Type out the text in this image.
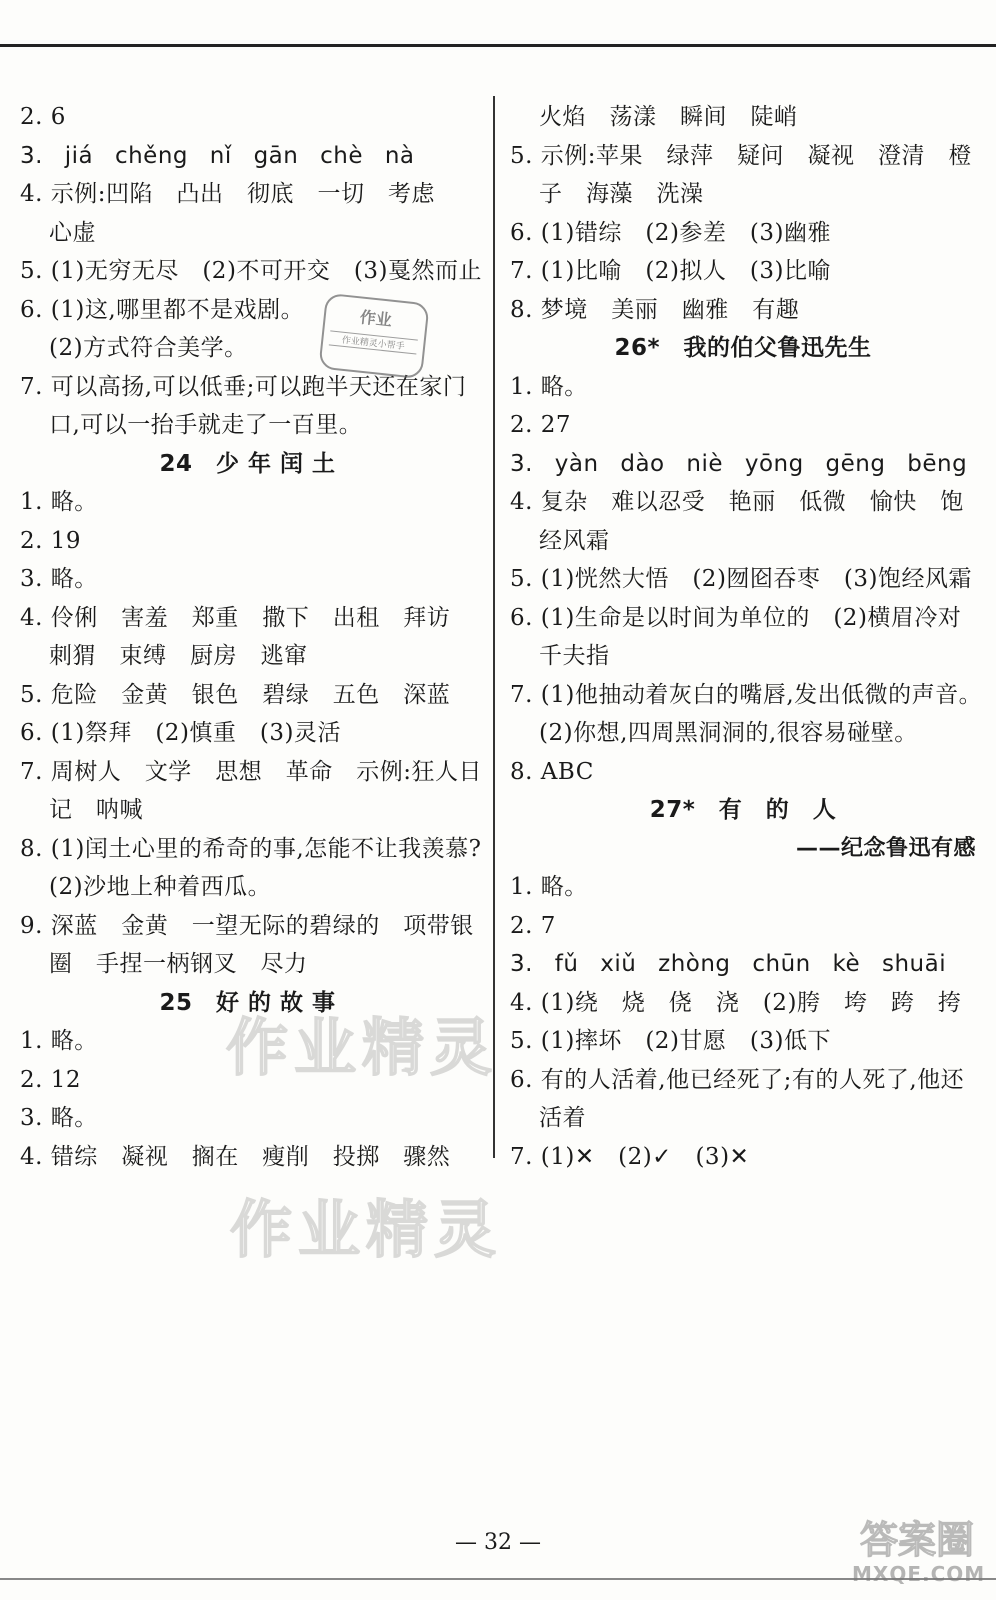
2. 6
3. jiá chěng nǐ gān chè nà
4. 示例:凹陷　凸出　彻底　一切　考虑
心虚
5. (1)无穷无尽　(2)不可开交　(3)戛然而止
6. (1)这,哪里都不是戏剧。
(2)方式符合美学。
7. 可以高扬,可以低垂;可以跑半天还在家门
口,可以一抬手就走了一百里。
24　少 年 闰 土
1. 略。
2. 19
3. 略。
4. 伶俐　害羞　郑重　撒下　出租　拜访
刺猬　束缚　厨房　逃窜
5. 危险　金黄　银色　碧绿　五色　深蓝
6. (1)祭拜　(2)慎重　(3)灵活
7. 周树人　文学　思想　革命　示例:狂人日
记　呐喊
8. (1)闰土心里的希奇的事,怎能不让我羡慕?
(2)沙地上种着西瓜。
9. 深蓝　金黄　一望无际的碧绿的　项带银
圈　手捏一柄钢叉　尽力
25　好 的 故 事
1. 略。
2. 12
3. 略。
4. 错综　凝视　搁在　瘦削　投掷　骤然
火焰　荡漾　瞬间　陡峭
5. 示例:苹果　绿萍　疑问　凝视　澄清　橙
子　海藻　洗澡
6. (1)错综　(2)参差　(3)幽雅
7. (1)比喻　(2)拟人　(3)比喻
8. 梦境　美丽　幽雅　有趣
26*　我的伯父鲁迅先生
1. 略。
2. 27
3. yàn dào niè yōng gēng bēng
4. 复杂　难以忍受　艳丽　低微　愉快　饱
经风霜
5. (1)恍然大悟　(2)囫囵吞枣　(3)饱经风霜
6. (1)生命是以时间为单位的　(2)横眉冷对
千夫指
7. (1)他抽动着灰白的嘴唇,发出低微的声音。
(2)你想,四周黑洞洞的,很容易碰壁。
8. ABC
27*　有　的　人
——纪念鲁迅有感
1. 略。
2. 7
3. fǔ xiǔ zhòng chūn kè shuāi
4. (1)绕　烧　侥　浇　(2)胯　垮　跨　挎
5. (1)摔坏　(2)甘愿　(3)低下
6. 有的人活着,他已经死了;有的人死了,他还
活着
7. (1)✕　(2)✓　(3)✕
作业
作业精灵小帮手
作业精灵
作业精灵
— 32 —	答案圈
MXQE.COM
